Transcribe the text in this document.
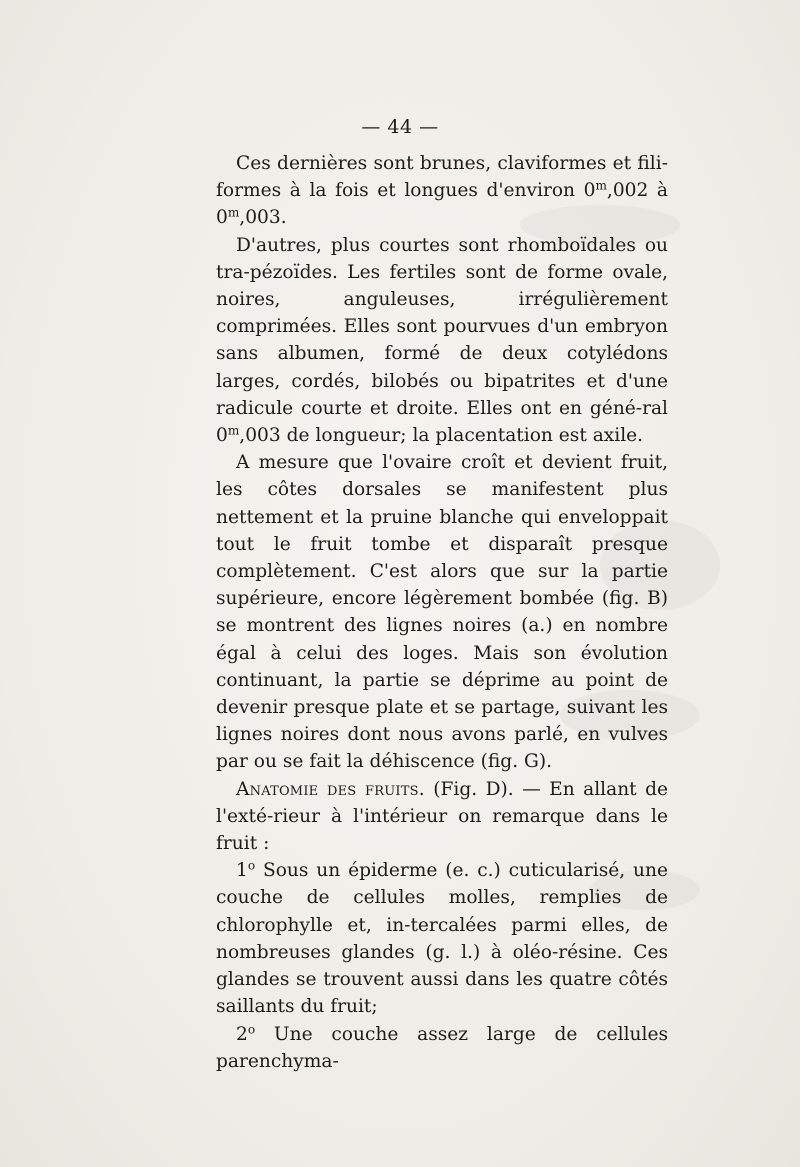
— 44 —

Ces dernières sont brunes, claviformes et fili-formes à la fois et longues d'environ 0$^m$,002 à 0$^m$,003.

D'autres, plus courtes sont rhomboïdales ou tra-pézoïdes. Les fertiles sont de forme ovale, noires, anguleuses, irrégulièrement comprimées. Elles sont pourvues d'un embryon sans albumen, formé de deux cotylédons larges, cordés, bilobés ou bipatrites et d'une radicule courte et droite. Elles ont en géné-ral 0$^m$,003 de longueur; la placentation est axile.

A mesure que l'ovaire croît et devient fruit, les côtes dorsales se manifestent plus nettement et la pruine blanche qui enveloppait tout le fruit tombe et disparaît presque complètement. C'est alors que sur la partie supérieure, encore légèrement bombée (fig. B) se montrent des lignes noires (a.) en nombre égal à celui des loges. Mais son évolution continuant, la partie se déprime au point de devenir presque plate et se partage, suivant les lignes noires dont nous avons parlé, en vulves par ou se fait la déhiscence (fig. G).

Anatomie des fruits. (Fig. D). — En allant de l'exté-rieur à l'intérieur on remarque dans le fruit :

1$^o$ Sous un épiderme (e. c.) cuticularisé, une couche de cellules molles, remplies de chlorophylle et, in-tercalées parmi elles, de nombreuses glandes (g. l.) à oléo-résine. Ces glandes se trouvent aussi dans les quatre côtés saillants du fruit;

2$^o$ Une couche assez large de cellules parenchyma-
